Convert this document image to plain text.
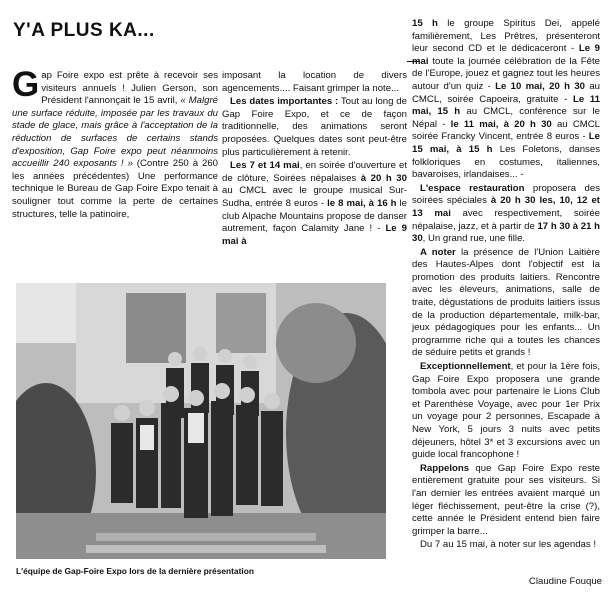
Y'A PLUS KA...

Gap Foire expo est prête à recevoir ses visiteurs annuels ! Julien Gerson, son Président l'annonçait le 15 avril, « Malgré une surface réduite, imposée par les travaux du stade de glace, mais grâce à l'acceptation de la réduction de surfaces de certains stands d'exposition, Gap Foire expo peut néanmoins accueillir 240 exposants ! » (Contre 250 à 260 les années précédentes) Une performance technique le Bureau de Gap Foire Expo tenait à souligner tout comme la perte de certaines structures, telle la patinoire,

imposant la location de divers agencements.... Faisant grimper la note...

Les dates importantes : Tout au long de Gap Foire Expo, et ce de façon traditionnelle, des animations seront proposées. Quelques dates sont peut-être plus particulièrement à retenir.

Les 7 et 14 mai, en soirée d'ouverture et de clôture, Soirées népalaises à 20 h 30 au CMCL avec le groupe musical Sur-Sudha, entrée 8 euros - le 8 mai, à 16 h le club Alpache Mountains propose de danser autrement, façon Calamity Jane ! - Le 9 mai à

15 h le groupe Spiritus Dei, appelé familièrement, Les Prêtres, présenteront leur second CD et le dédicaceront - Le 9 mai toute la journée célébration de la Fête de l'Europe, jouez et gagnez tout les heures autour d'un quiz - Le 10 mai, 20 h 30 au CMCL, soirée Capoeira, gratuite - Le 11 mai, 15 h au CMCL, conférence sur le Népal - le 11 mai, à 20 h 30 au CMCL soirée Francky Vincent, entrée 8 euros - Le 15 mai, à 15 h Les Foletons, danses folkloriques en costumes, italiennes, bavaroises, irlandaises... -

L'espace restauration proposera des soirées spéciales à 20 h 30 les, 10, 12 et 13 mai avec respectivement, soirée népalaise, jazz, et à partir de 17 h 30 à 21 h 30, Un grand rue, une fille.

A noter la présence de l'Union Laitière des Hautes-Alpes dont l'objectif est la promotion des produits laitiers. Rencontre avec les éleveurs, animations, salle de traite, dégustations de produits laitiers issus de la production départementale, milk-bar, jeux pédagogiques pour les enfants... Un programme riche qui a toutes les chances de séduire petits et grands !

Exceptionnellement, et pour la 1ère fois, Gap Foire Expo proposera une grande tombola avec pour partenaire le Lions Club et Parenthèse Voyage, avec pour 1er Prix un voyage pour 2 personnes, Escapade à New York, 5 jours 3 nuits avec petits déjeuners, hôtel 3* et 3 excursions avec un guide local francophone !

Rappelons que Gap Foire Expo reste entièrement gratuite pour ses visiteurs. Si l'an dernier les entrées avaient marqué un léger fléchissement, peut-être la crise (?), cette année le Président entend bien faire grimper la barre...

Du 7 au 15 mai, à noter sur les agendas !

L'équipe de Gap-Foire Expo lors de la dernière présentation
Claudine Fouque
